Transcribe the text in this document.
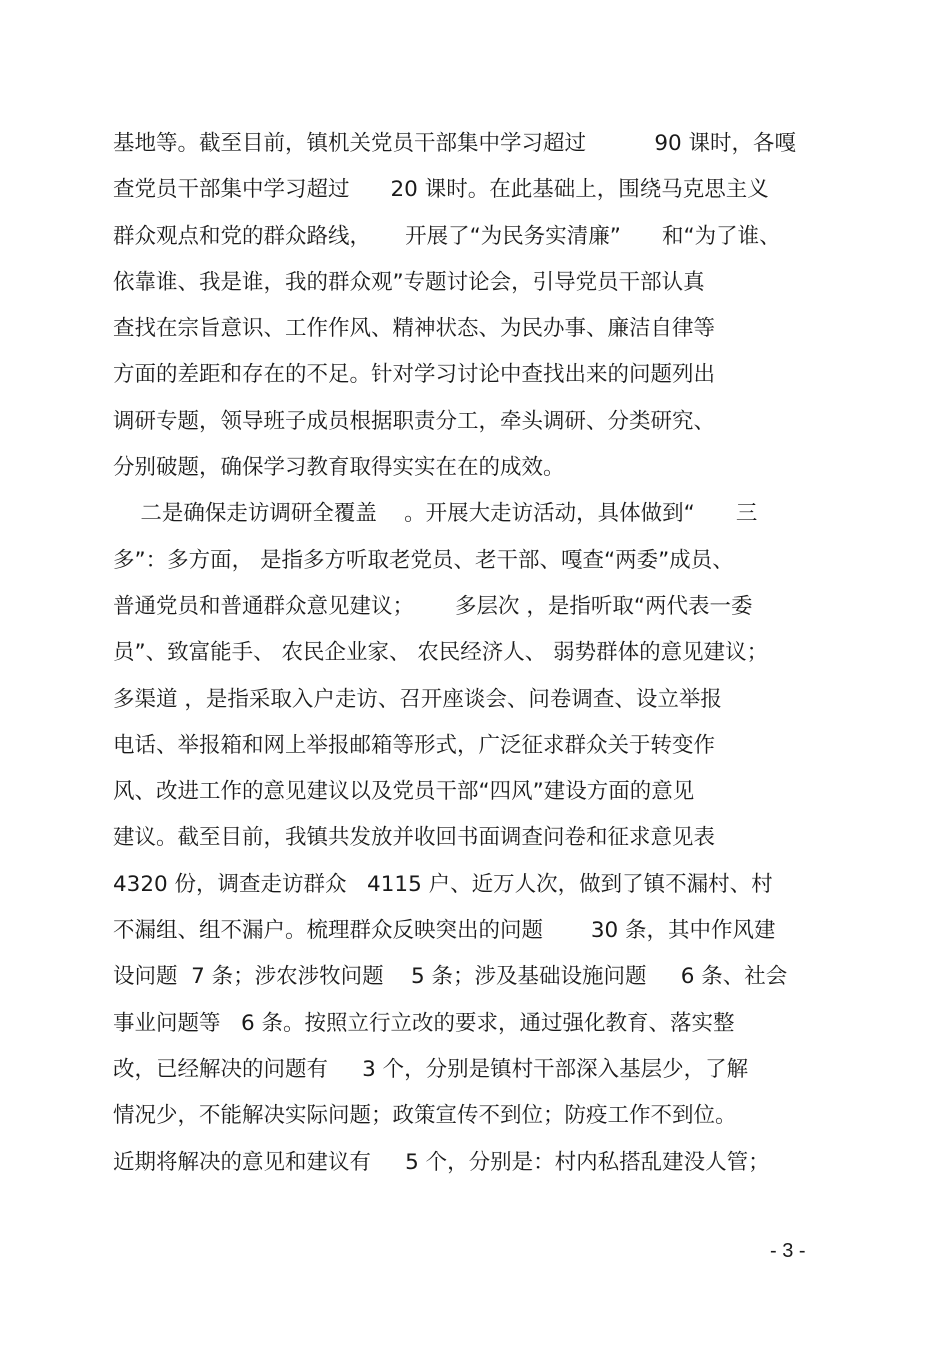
基地等。截至目前，镇机关党员干部集中学习超过          90 课时，各嘎
查党员干部集中学习超过      20 课时。在此基础上，围绕马克思主义
群众观点和党的群众路线，     开展了“为民务实清廉”      和“为了谁、
依靠谁、我是谁，我的群众观”专题讨论会，引导党员干部认真
查找在宗旨意识、工作作风、精神状态、为民办事、廉洁自律等
方面的差距和存在的不足。针对学习讨论中查找出来的问题列出
调研专题，领导班子成员根据职责分工，牵头调研、分类研究、
分别破题，确保学习教育取得实实在在的成效。
二是确保走访调研全覆盖    。开展大走访活动，具体做到“      三
多”：多方面， 是指多方听取老党员、老干部、嘎查“两委”成员、
普通党员和普通群众意见建议；      多层次 ，是指听取“两代表一委
员”、致富能手、 农民企业家、 农民经济人、 弱势群体的意见建议；
多渠道 ，是指采取入户走访、召开座谈会、问卷调查、设立举报
电话、举报箱和网上举报邮箱等形式，广泛征求群众关于转变作
风、改进工作的意见建议以及党员干部“四风”建设方面的意见
建议。截至目前，我镇共发放并收回书面调查问卷和征求意见表
4320 份，调查走访群众   4115 户、近万人次，做到了镇不漏村、村
不漏组、组不漏户。梳理群众反映突出的问题       30 条，其中作风建
设问题  7 条；涉农涉牧问题    5 条；涉及基础设施问题     6 条、社会
事业问题等   6 条。按照立行立改的要求，通过强化教育、落实整
改，已经解决的问题有     3 个，分别是镇村干部深入基层少，了解
情况少，不能解决实际问题；政策宣传不到位；防疫工作不到位。
近期将解决的意见和建议有     5 个，分别是：村内私搭乱建没人管；
- 3 -
